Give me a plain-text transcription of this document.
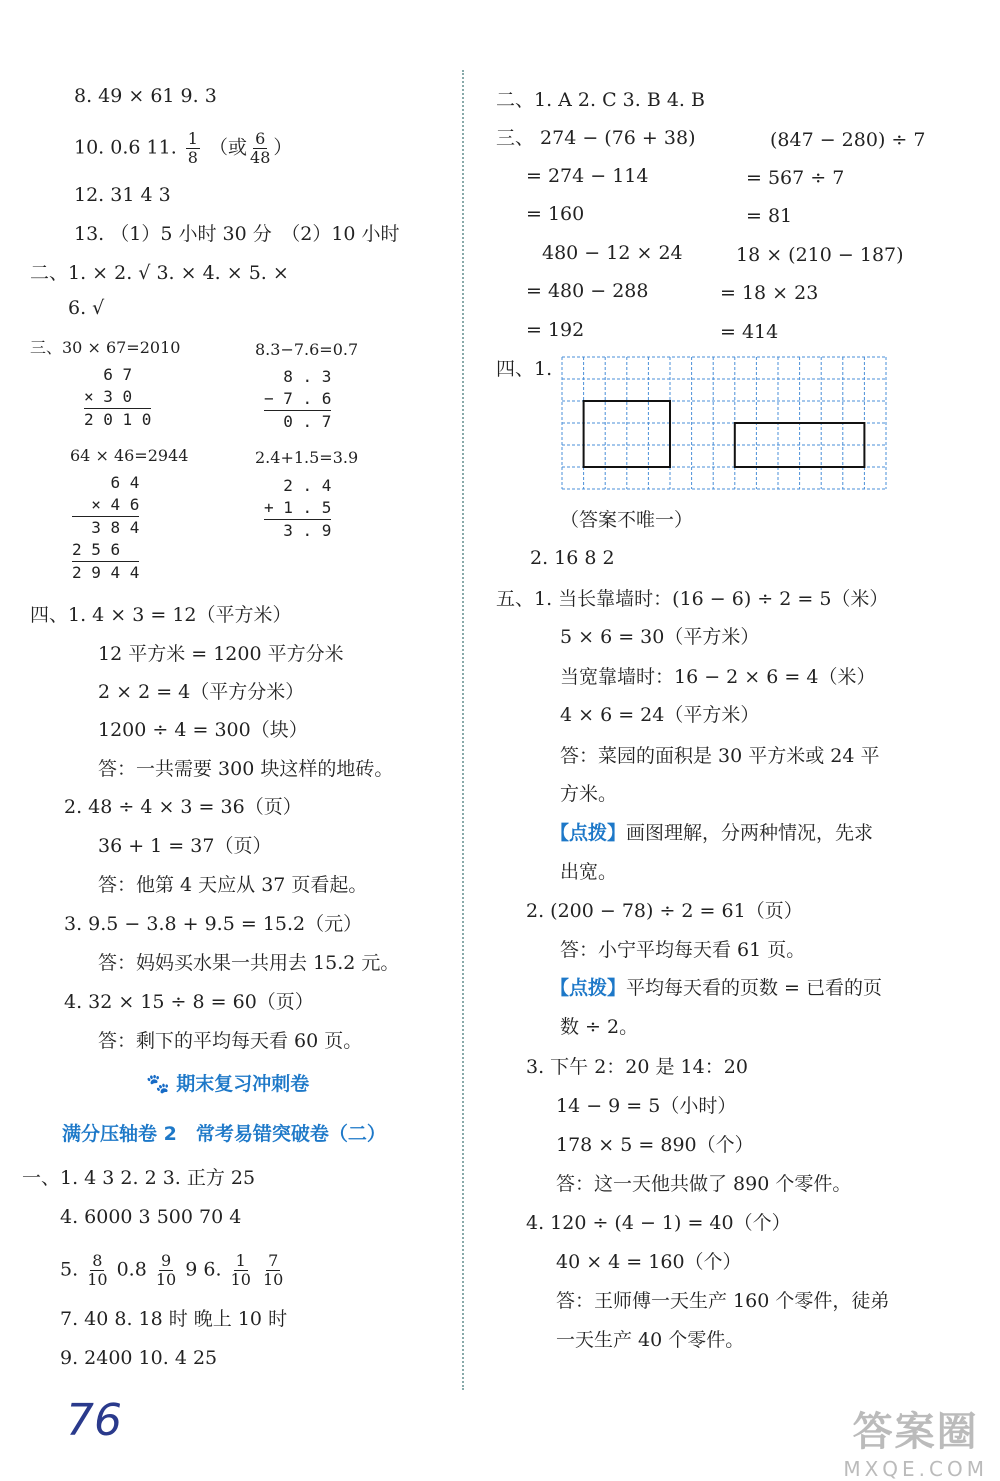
8. 49 × 61 9. 3
10. 0.6 11. $\frac{1}{8}$ （或 $\frac{6}{48}$ ）
12. 31 4 3
13. （1）5 小时 30 分　（2）10 小时
二、1. × 2. √ 3. × 4. × 5. ×
6. √
三、30 × 67=2010	8.3−7.6=0.7
6 7
× 3 0
2 0 1 0
8 . 3
− 7 . 6
0 . 7
64 × 46=2944	2.4+1.5=3.9
6 4
× 4 6
3 8 4
2 5 6
2 9 4 4
2 . 4
+ 1 . 5
3 . 9
四、1. 4 × 3 = 12（平方米）
12 平方米 = 1200 平方分米
2 × 2 = 4（平方分米）
1200 ÷ 4 = 300（块）
答：一共需要 300 块这样的地砖。
2. 48 ÷ 4 × 3 = 36（页）
36 + 1 = 37（页）
答：他第 4 天应从 37 页看起。
3. 9.5 − 3.8 + 9.5 = 15.2（元）
答：妈妈买水果一共用去 15.2 元。
4. 32 × 15 ÷ 8 = 60（页）
答：剩下的平均每天看 60 页。
🐾 期末复习冲刺卷
满分压轴卷 2　常考易错突破卷（二）
一、1. 4 3 2. 2 3. 正方 25
4. 6000 3 500 70 4
5. $\frac{8}{10} 0.8 \frac{9}{10} 9$ 6. $\frac{1}{10}$
$\frac{7}{10}$
7. 40 8. 18 时 晚上 10 时
9. 2400 10. 4 25
二、1. A 2. C 3. B 4. B
三、 274 − (76 + 38)	(847 − 280) ÷ 7
= 274 − 114	= 567 ÷ 7
= 160	= 81
480 − 12 × 24	18 × (210 − 187)
= 480 − 288	= 18 × 23
= 192	= 414
四、1.
（答案不唯一）
2. 16 8 2
五、1. 当长靠墙时：(16 − 6) ÷ 2 = 5（米）
5 × 6 = 30（平方米）
当宽靠墙时：16 − 2 × 6 = 4（米）
4 × 6 = 24（平方米）
答：菜园的面积是 30 平方米或 24 平
方米。
【点拨】画图理解，分两种情况，先求
出宽。
2. (200 − 78) ÷ 2 = 61（页）
答：小宁平均每天看 61 页。
【点拨】平均每天看的页数 = 已看的页
数 ÷ 2。
3. 下午 2：20 是 14：20
14 − 9 = 5（小时）
178 × 5 = 890（个）
答：这一天他共做了 890 个零件。
4. 120 ÷ (4 − 1) = 40（个）
40 × 4 = 160（个）
答：王师傅一天生产 160 个零件，徒弟
一天生产 40 个零件。
76	答案圈
MXQE.COM
